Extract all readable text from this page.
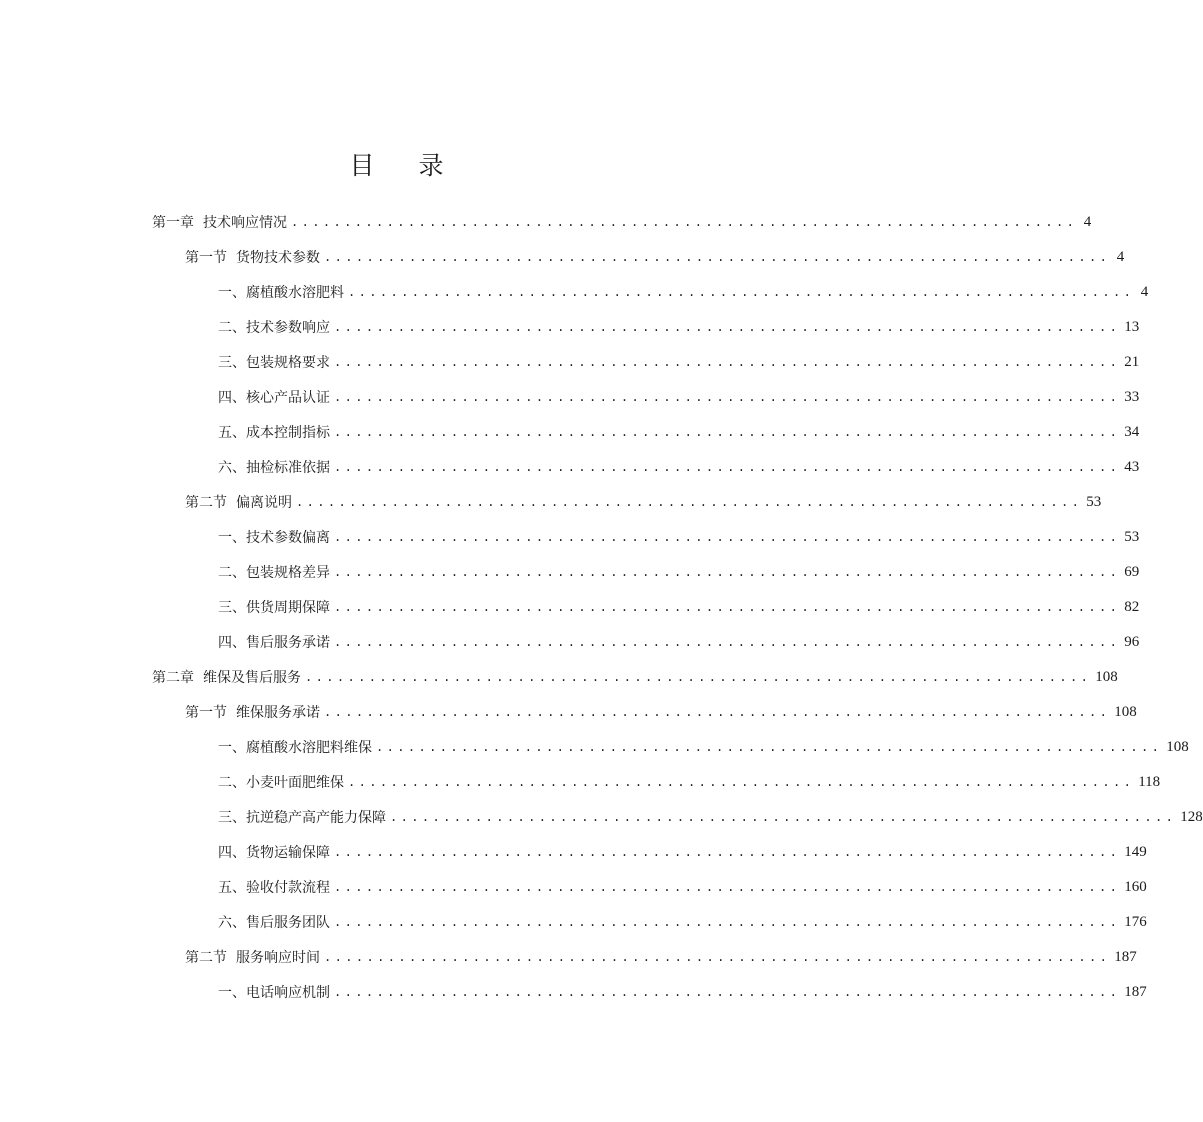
目 录
第一章 技术响应情况 .......................................................................... 4
第一节 货物技术参数 .......................................................................... 4
一、 腐植酸水溶肥料 .......................................................................... 4
二、 技术参数响应 .......................................................................... 13
三、 包装规格要求 .......................................................................... 21
四、 核心产品认证 .......................................................................... 33
五、 成本控制指标 .......................................................................... 34
六、 抽检标准依据 .......................................................................... 43
第二节 偏离说明 .......................................................................... 53
一、 技术参数偏离 .......................................................................... 53
二、 包装规格差异 .......................................................................... 69
三、 供货周期保障 .......................................................................... 82
四、 售后服务承诺 .......................................................................... 96
第二章 维保及售后服务 .......................................................................... 108
第一节 维保服务承诺 .......................................................................... 108
一、 腐植酸水溶肥料维保 .......................................................................... 108
二、 小麦叶面肥维保 .......................................................................... 118
三、 抗逆稳产高产能力保障 .......................................................................... 128
四、 货物运输保障 .......................................................................... 149
五、 验收付款流程 .......................................................................... 160
六、 售后服务团队 .......................................................................... 176
第二节 服务响应时间 .......................................................................... 187
一、 电话响应机制 .......................................................................... 187
